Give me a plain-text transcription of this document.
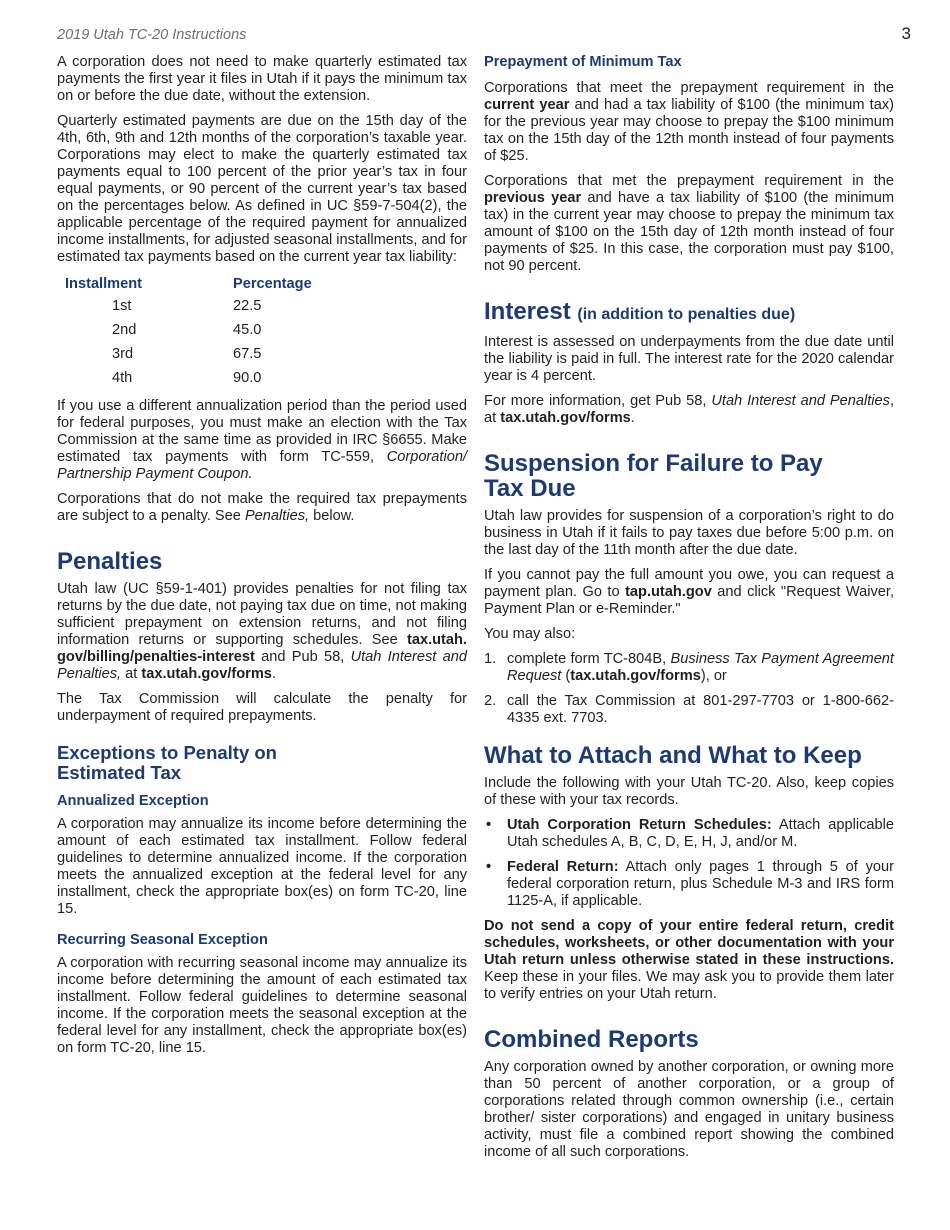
2019 Utah TC-20 Instructions	3

A corporation does not need to make quarterly estimated tax payments the first year it files in Utah if it pays the minimum tax on or before the due date, without the extension.

Quarterly estimated payments are due on the 15th day of the 4th, 6th, 9th and 12th months of the corporation’s taxable year. Corporations may elect to make the quarterly estimated tax payments equal to 100 percent of the prior year’s tax in four equal payments, or 90 percent of the current year’s tax based on the percentages below. As defined in UC §59-7-504(2), the applicable percentage of the required payment for annualized income installments, for adjusted seasonal installments, and for estimated tax payments based on the current year tax liability:

Installment	Percentage
1st	22.5
2nd	45.0
3rd	67.5
4th	90.0

If you use a different annualization period than the period used for federal purposes, you must make an election with the Tax Commission at the same time as provided in IRC §6655. Make estimated tax payments with form TC-559, Corporation/ Partnership Payment Coupon.

Corporations that do not make the required tax prepayments are subject to a penalty. See Penalties, below.

Penalties

Utah law (UC §59-1-401) provides penalties for not filing tax returns by the due date, not paying tax due on time, not making sufficient prepayment on extension returns, and not filing information returns or supporting schedules. See tax.utah. gov/billing/penalties-interest and Pub 58, Utah Interest and Penalties, at tax.utah.gov/forms.

The Tax Commission will calculate the penalty for underpayment of required prepayments.

Exceptions to Penalty on
Estimated Tax
Annualized Exception

A corporation may annualize its income before determining the amount of each estimated tax installment. Follow federal guidelines to determine annualized income. If the corporation meets the annualized exception at the federal level for any installment, check the appropriate box(es) on form TC-20, line 15.

Recurring Seasonal Exception

A corporation with recurring seasonal income may annualize its income before determining the amount of each estimated tax installment. Follow federal guidelines to determine seasonal income. If the corporation meets the seasonal exception at the federal level for any installment, check the appropriate box(es) on form TC-20, line 15.

Prepayment of Minimum Tax

Corporations that meet the prepayment requirement in the current year and had a tax liability of $100 (the minimum tax) for the previous year may choose to prepay the $100 minimum tax on the 15th day of the 12th month instead of four payments of $25.

Corporations that met the prepayment requirement in the previous year and have a tax liability of $100 (the minimum tax) in the current year may choose to prepay the minimum tax amount of $100 on the 15th day of 12th month instead of four payments of $25. In this case, the corporation must pay $100, not 90 percent.

Interest (in addition to penalties due)

Interest is assessed on underpayments from the due date until the liability is paid in full. The interest rate for the 2020 calendar year is 4 percent.

For more information, get Pub 58, Utah Interest and Penalties, at tax.utah.gov/forms.

Suspension for Failure to Pay
Tax Due

Utah law provides for suspension of a corporation’s right to do business in Utah if it fails to pay taxes due before 5:00 p.m. on the last day of the 11th month after the due date.

If you cannot pay the full amount you owe, you can request a payment plan. Go to tap.utah.gov and click "Request Waiver, Payment Plan or e-Reminder."

You may also:

1. complete form TC-804B, Business Tax Payment Agreement Request (tax.utah.gov/forms), or
2. call the Tax Commission at 801-297-7703 or 1-800-662-4335 ext. 7703.
What to Attach and What to Keep

Include the following with your Utah TC-20. Also, keep copies of these with your tax records.

• Utah Corporation Return Schedules: Attach applicable Utah schedules A, B, C, D, E, H, J, and/or M.
• Federal Return: Attach only pages 1 through 5 of your federal corporation return, plus Schedule M-3 and IRS form 1125-A, if applicable.

Do not send a copy of your entire federal return, credit schedules, worksheets, or other documentation with your Utah return unless otherwise stated in these instructions. Keep these in your files. We may ask you to provide them later to verify entries on your Utah return.

Combined Reports

Any corporation owned by another corporation, or owning more than 50 percent of another corporation, or a group of corporations related through common ownership (i.e., certain brother/ sister corporations) and engaged in unitary business activity, must file a combined report showing the combined income of all such corporations.
